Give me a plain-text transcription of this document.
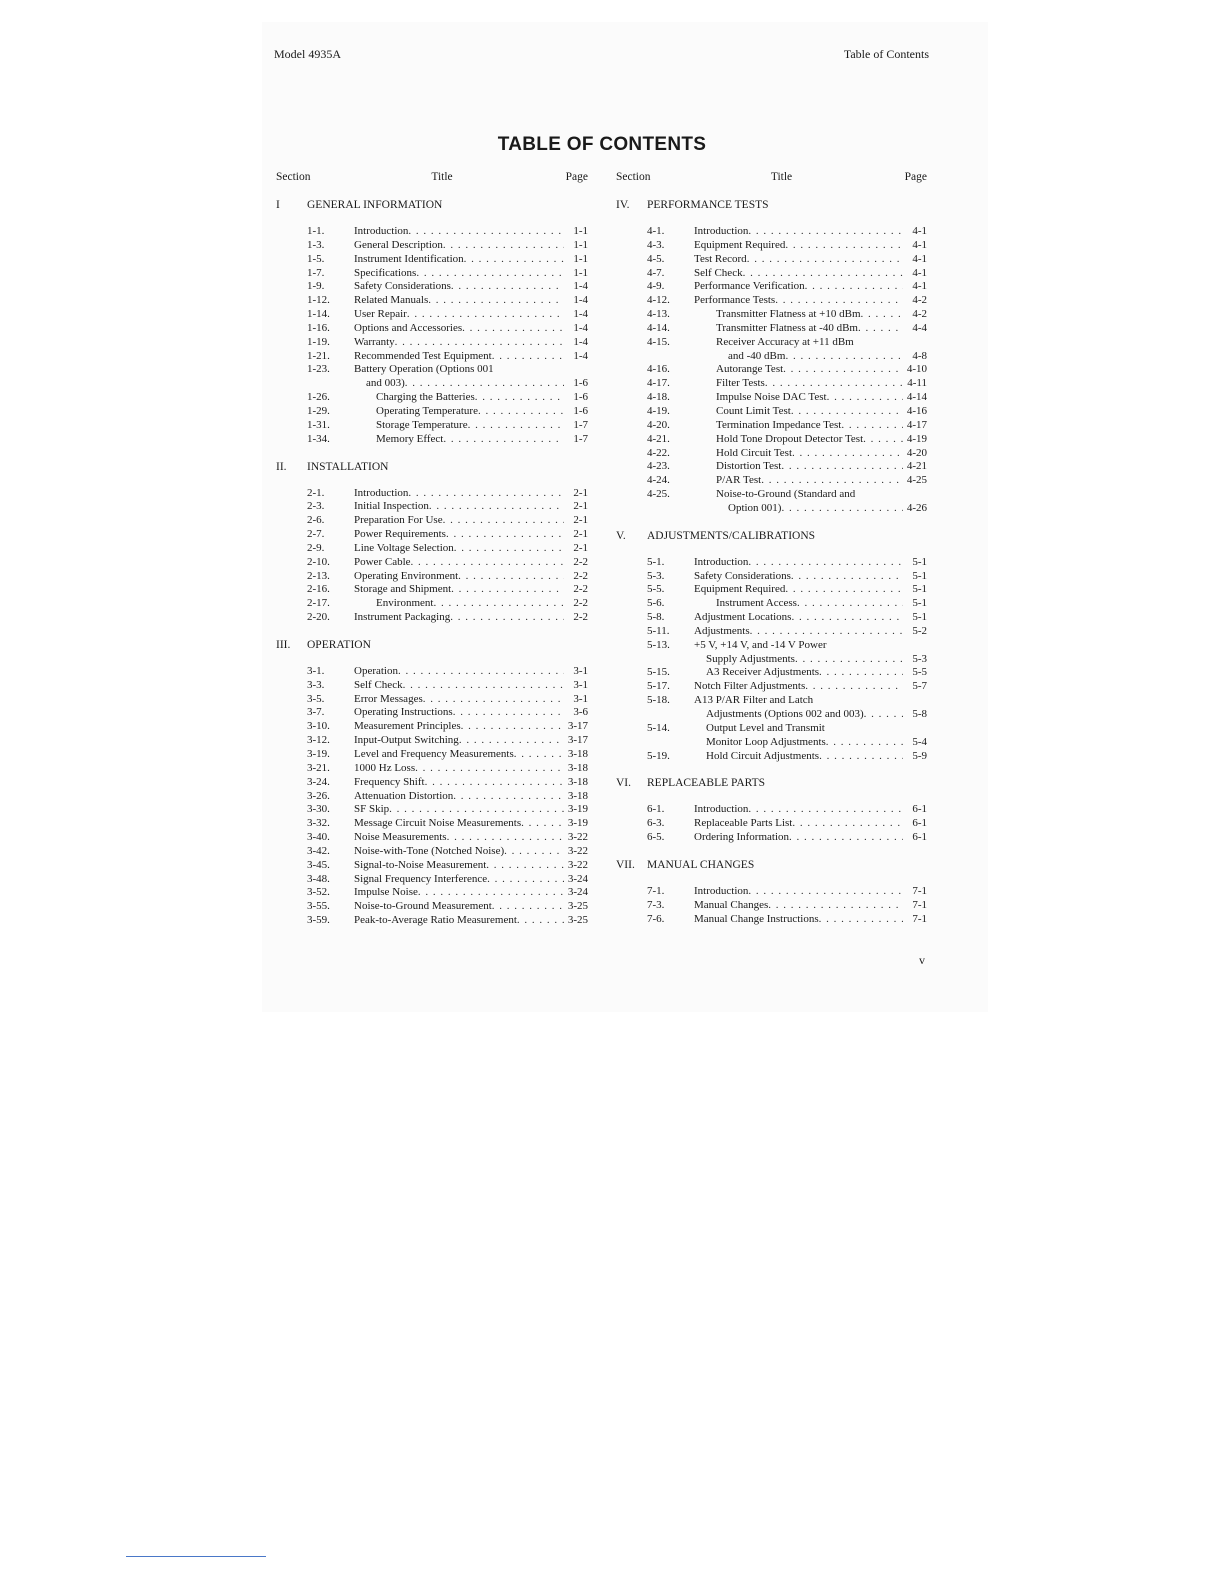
Model 4935A	Table of Contents
TABLE OF CONTENTS
Section	Title	Page
I	GENERAL INFORMATION
1-1.	Introduction . . .	1-1
1-3.	General Description . . .	1-1
1-5.	Instrument Identification . . .	1-1
1-7.	Specifications . . .	1-1
1-9.	Safety Considerations . . .	1-4
1-12.	Related Manuals . . .	1-4
1-14.	User Repair . . .	1-4
1-16.	Options and Accessories . . .	1-4
1-19.	Warranty . . .	1-4
1-21.	Recommended Test Equipment . . .	1-4
1-23.	Battery Operation (Options 001
and 003) . . .	1-6
1-26.	Charging the Batteries . . .	1-6
1-29.	Operating Temperature . . .	1-6
1-31.	Storage Temperature . . .	1-7
1-34.	Memory Effect . . .	1-7
II.	INSTALLATION
2-1.	Introduction . . .	2-1
2-3.	Initial Inspection . . .	2-1
2-6.	Preparation For Use . . .	2-1
2-7.	Power Requirements . . .	2-1
2-9.	Line Voltage Selection . . .	2-1
2-10.	Power Cable . . .	2-2
2-13.	Operating Environment . . .	2-2
2-16.	Storage and Shipment . . .	2-2
2-17.	Environment . . .	2-2
2-20.	Instrument Packaging . . .	2-2
III.	OPERATION
3-1.	Operation . . .	3-1
3-3.	Self Check . . .	3-1
3-5.	Error Messages . . .	3-1
3-7.	Operating Instructions . . .	3-6
3-10.	Measurement Principles . . .	3-17
3-12.	Input-Output Switching . . .	3-17
3-19.	Level and Frequency Measurements . . .	3-18
3-21.	1000 Hz Loss . . .	3-18
3-24.	Frequency Shift . . .	3-18
3-26.	Attenuation Distortion . . .	3-18
3-30.	SF Skip . . .	3-19
3-32.	Message Circuit Noise Measurements . . .	3-19
3-40.	Noise Measurements . . .	3-22
3-42.	Noise-with-Tone (Notched Noise) . . .	3-22
3-45.	Signal-to-Noise Measurement . . .	3-22
3-48.	Signal Frequency Interference . . .	3-24
3-52.	Impulse Noise . . .	3-24
3-55.	Noise-to-Ground Measurement . . .	3-25
3-59.	Peak-to-Average Ratio Measurement . . .	3-25
Section	Title	Page
IV.	PERFORMANCE TESTS
4-1.	Introduction . . .	4-1
4-3.	Equipment Required . . .	4-1
4-5.	Test Record . . .	4-1
4-7.	Self Check . . .	4-1
4-9.	Performance Verification . . .	4-1
4-12.	Performance Tests . . .	4-2
4-13.	Transmitter Flatness at +10 dBm . . .	4-2
4-14.	Transmitter Flatness at -40 dBm . . .	4-4
4-15.	Receiver Accuracy at +11 dBm
and -40 dBm . . .	4-8
4-16.	Autorange Test . . .	4-10
4-17.	Filter Tests . . .	4-11
4-18.	Impulse Noise DAC Test . . .	4-14
4-19.	Count Limit Test . . .	4-16
4-20.	Termination Impedance Test . . .	4-17
4-21.	Hold Tone Dropout Detector Test . . .	4-19
4-22.	Hold Circuit Test . . .	4-20
4-23.	Distortion Test . . .	4-21
4-24.	P/AR Test . . .	4-25
4-25.	Noise-to-Ground (Standard and
Option 001) . . .	4-26
V.	ADJUSTMENTS/CALIBRATIONS
5-1.	Introduction . . .	5-1
5-3.	Safety Considerations . . .	5-1
5-5.	Equipment Required . . .	5-1
5-6.	Instrument Access . . .	5-1
5-8.	Adjustment Locations . . .	5-1
5-11.	Adjustments . . .	5-2
5-13.	+5 V, +14 V, and -14 V Power
Supply Adjustments . . .	5-3
5-15.	A3 Receiver Adjustments . . .	5-5
5-17.	Notch Filter Adjustments . . .	5-7
5-18.	A13 P/AR Filter and Latch
Adjustments (Options 002 and 003) . . .	5-8
5-14.	Output Level and Transmit
Monitor Loop Adjustments . . .	5-4
5-19.	Hold Circuit Adjustments . . .	5-9
VI.	REPLACEABLE PARTS
6-1.	Introduction . . .	6-1
6-3.	Replaceable Parts List . . .	6-1
6-5.	Ordering Information . . .	6-1
VII.	MANUAL CHANGES
7-1.	Introduction . . .	7-1
7-3.	Manual Changes . . .	7-1
7-6.	Manual Change Instructions . . .	7-1
v
